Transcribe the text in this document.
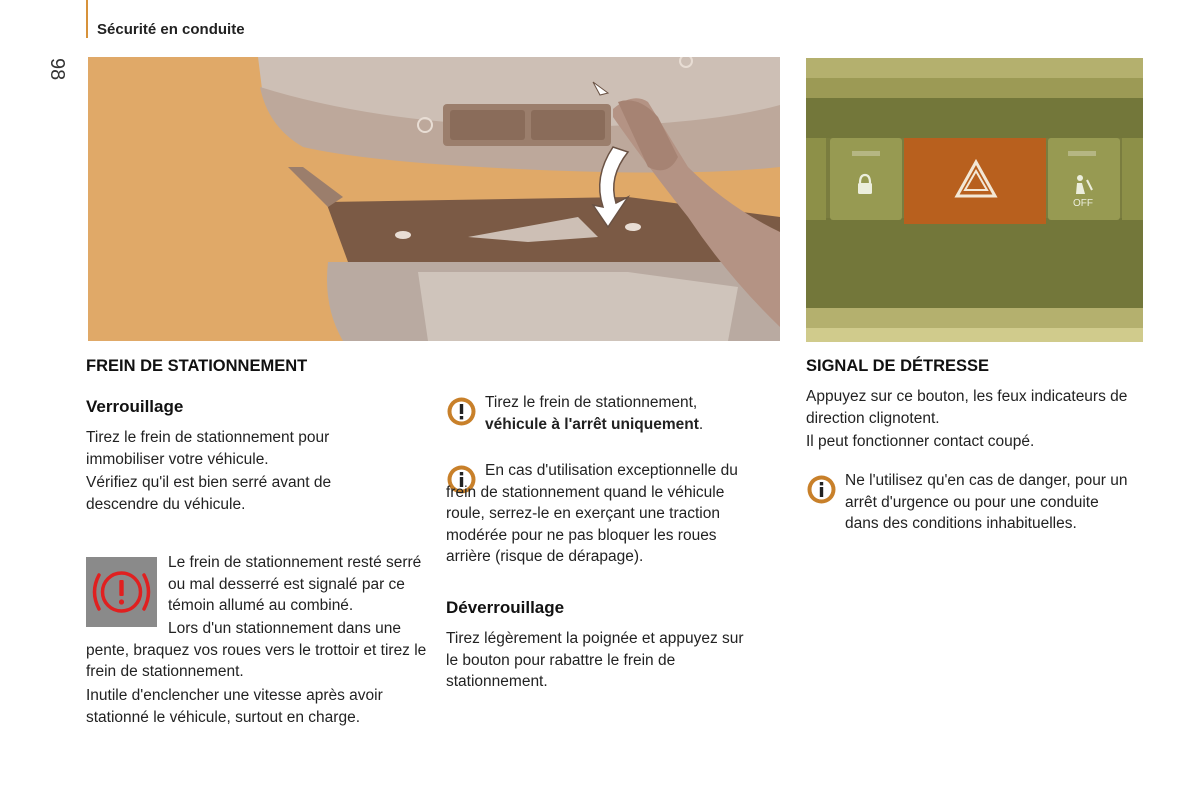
Sécurité en conduite
98
OFF
FREIN DE STATIONNEMENT
Verrouillage

Tirez le frein de stationnement pour immobiliser votre véhicule.

Vérifiez qu'il est bien serré avant de descendre du véhicule.

Le frein de stationnement resté serré ou mal desserré est signalé par ce témoin allumé au combiné.
Lors d'un stationnement dans une pente, braquez vos roues vers le trottoir et tirez le frein de stationnement.
Inutile d'enclencher une vitesse après avoir stationné le véhicule, surtout en charge.
Tirez le frein de stationnement,
véhicule à l'arrêt uniquement.
En cas d'utilisation exceptionnelle du frein de stationnement quand le véhicule roule, serrez-le en exerçant une traction modérée pour ne pas bloquer les roues arrière (risque de dérapage).
Déverrouillage
Tirez légèrement la poignée et appuyez sur le bouton pour rabattre le frein de stationnement.
SIGNAL DE DÉTRESSE

Appuyez sur ce bouton, les feux indicateurs de direction clignotent.

Il peut fonctionner contact coupé.

Ne l'utilisez qu'en cas de danger, pour un arrêt d'urgence ou pour une conduite dans des conditions inhabituelles.
